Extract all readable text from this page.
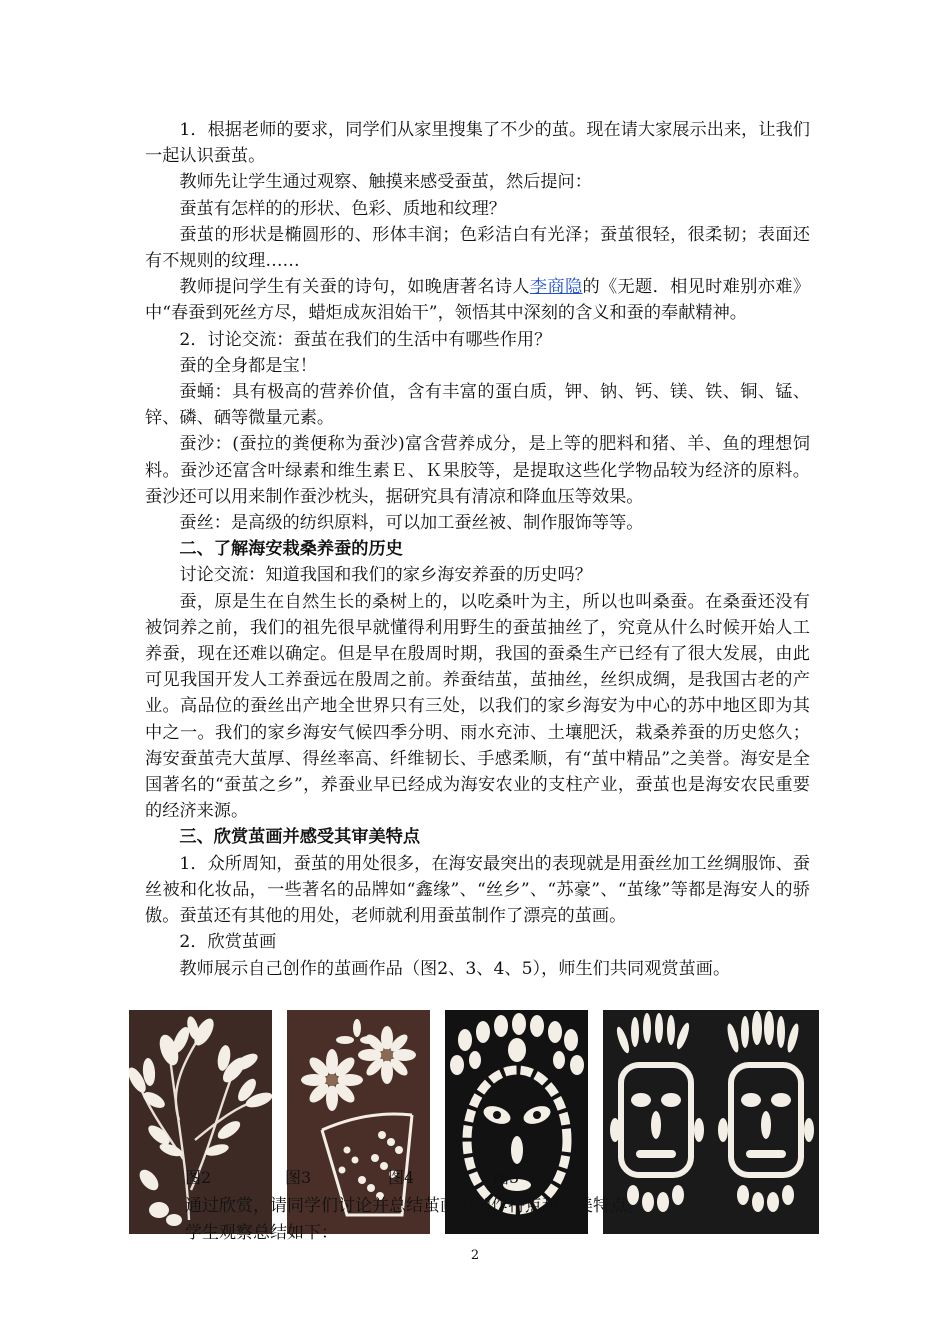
1．根据老师的要求，同学们从家里搜集了不少的茧。现在请大家展示出来，让我们一起认识蚕茧。

教师先让学生通过观察、触摸来感受蚕茧，然后提问：

蚕茧有怎样的的形状、色彩、质地和纹理？

蚕茧的形状是椭圆形的、形体丰润；色彩洁白有光泽；蚕茧很轻，很柔韧；表面还有不规则的纹理……

教师提问学生有关蚕的诗句，如晚唐著名诗人李商隐的《无题．相见时难别亦难》中“春蚕到死丝方尽，蜡炬成灰泪始干”，领悟其中深刻的含义和蚕的奉献精神。

2．讨论交流：蚕茧在我们的生活中有哪些作用？

蚕的全身都是宝！

蚕蛹：具有极高的营养价值，含有丰富的蛋白质，钾、钠、钙、镁、铁、铜、锰、锌、磷、硒等微量元素。

蚕沙：(蚕拉的粪便称为蚕沙)富含营养成分，是上等的肥料和猪、羊、鱼的理想饲料。蚕沙还富含叶绿素和维生素Ｅ、Ｋ果胶等，是提取这些化学物品较为经济的原料。蚕沙还可以用来制作蚕沙枕头，据研究具有清凉和降血压等效果。

蚕丝：是高级的纺织原料，可以加工蚕丝被、制作服饰等等。

二、了解海安栽桑养蚕的历史

讨论交流：知道我国和我们的家乡海安养蚕的历史吗？

蚕，原是生在自然生长的桑树上的，以吃桑叶为主，所以也叫桑蚕。在桑蚕还没有被饲养之前，我们的祖先很早就懂得利用野生的蚕茧抽丝了，究竟从什么时候开始人工养蚕，现在还难以确定。但是早在殷周时期，我国的蚕桑生产已经有了很大发展，由此可见我国开发人工养蚕远在殷周之前。养蚕结茧，茧抽丝，丝织成绸，是我国古老的产业。高品位的蚕丝出产地全世界只有三处，以我们的家乡海安为中心的苏中地区即为其中之一。我们的家乡海安气候四季分明、雨水充沛、土壤肥沃，栽桑养蚕的历史悠久；海安蚕茧壳大茧厚、得丝率高、纤维韧长、手感柔顺，有“茧中精品”之美誉。海安是全国著名的“蚕茧之乡”，养蚕业早已经成为海安农业的支柱产业，蚕茧也是海安农民重要的经济来源。

三、欣赏茧画并感受其审美特点

1．众所周知，蚕茧的用处很多，在海安最突出的表现就是用蚕丝加工丝绸服饰、蚕丝被和化妆品，一些著名的品牌如“鑫缘”、“丝乡”、“苏豪”、“茧缘”等都是海安人的骄傲。蚕茧还有其他的用处，老师就利用蚕茧制作了漂亮的茧画。

2．欣赏茧画

教师展示自己创作的茧画作品（图2、3、4、5），师生们共同观赏茧画。

图2	图3	图4	图5
通过欣赏，请同学们讨论并总结茧画的制作特点和审美特点。
学生观察总结如下：
2
